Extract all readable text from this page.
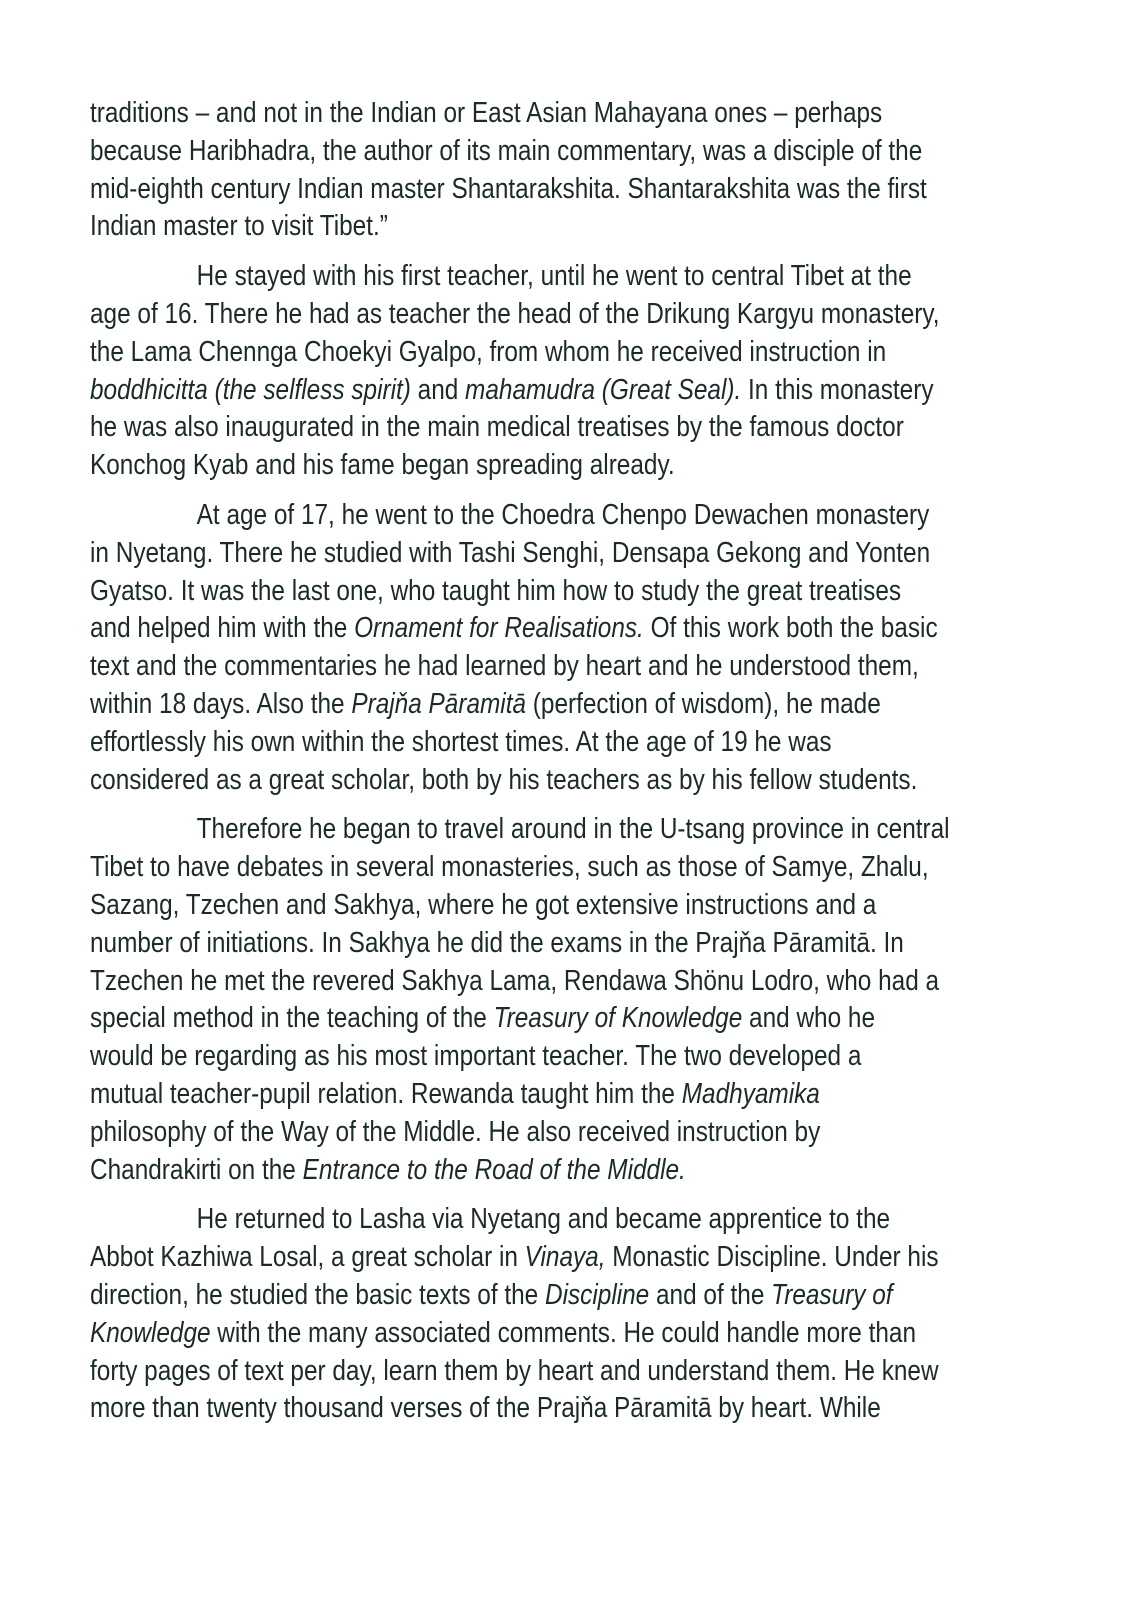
traditions – and not in the Indian or East Asian Mahayana ones – perhaps
because Haribhadra, the author of its main commentary, was a disciple of the
mid-eighth century Indian master Shantarakshita. Shantarakshita was the first
Indian master to visit Tibet.”
He stayed with his first teacher, until he went to central Tibet at the
age of 16. There he had as teacher the head of the Drikung Kargyu monastery,
the Lama Chennga Choekyi Gyalpo, from whom he received instruction in
boddhicitta (the selfless spirit) and mahamudra (Great Seal). In this monastery
he was also inaugurated in the main medical treatises by the famous doctor
Konchog Kyab and his fame began spreading already.
At age of 17, he went to the Choedra Chenpo Dewachen monastery
in Nyetang. There he studied with Tashi Senghi, Densapa Gekong and Yonten
Gyatso. It was the last one, who taught him how to study the great treatises
and helped him with the Ornament for Realisations. Of this work both the basic
text and the commentaries he had learned by heart and he understood them,
within 18 days. Also the Prajňa Pāramitā (perfection of wisdom), he made
effortlessly his own within the shortest times. At the age of 19 he was
considered as a great scholar, both by his teachers as by his fellow students.
Therefore he began to travel around in the U-tsang province in central
Tibet to have debates in several monasteries, such as those of Samye, Zhalu,
Sazang, Tzechen and Sakhya, where he got extensive instructions and a
number of initiations. In Sakhya he did the exams in the Prajňa Pāramitā. In
Tzechen he met the revered Sakhya Lama, Rendawa Shönu Lodro, who had a
special method in the teaching of the Treasury of Knowledge and who he
would be regarding as his most important teacher. The two developed a
mutual teacher-pupil relation. Rewanda taught him the Madhyamika
philosophy of the Way of the Middle. He also received instruction by
Chandrakirti on the Entrance to the Road of the Middle.
He returned to Lasha via Nyetang and became apprentice to the
Abbot Kazhiwa Losal, a great scholar in Vinaya, Monastic Discipline. Under his
direction, he studied the basic texts of the Discipline and of the Treasury of
Knowledge with the many associated comments. He could handle more than
forty pages of text per day, learn them by heart and understand them. He knew
more than twenty thousand verses of the Prajňa Pāramitā by heart. While
